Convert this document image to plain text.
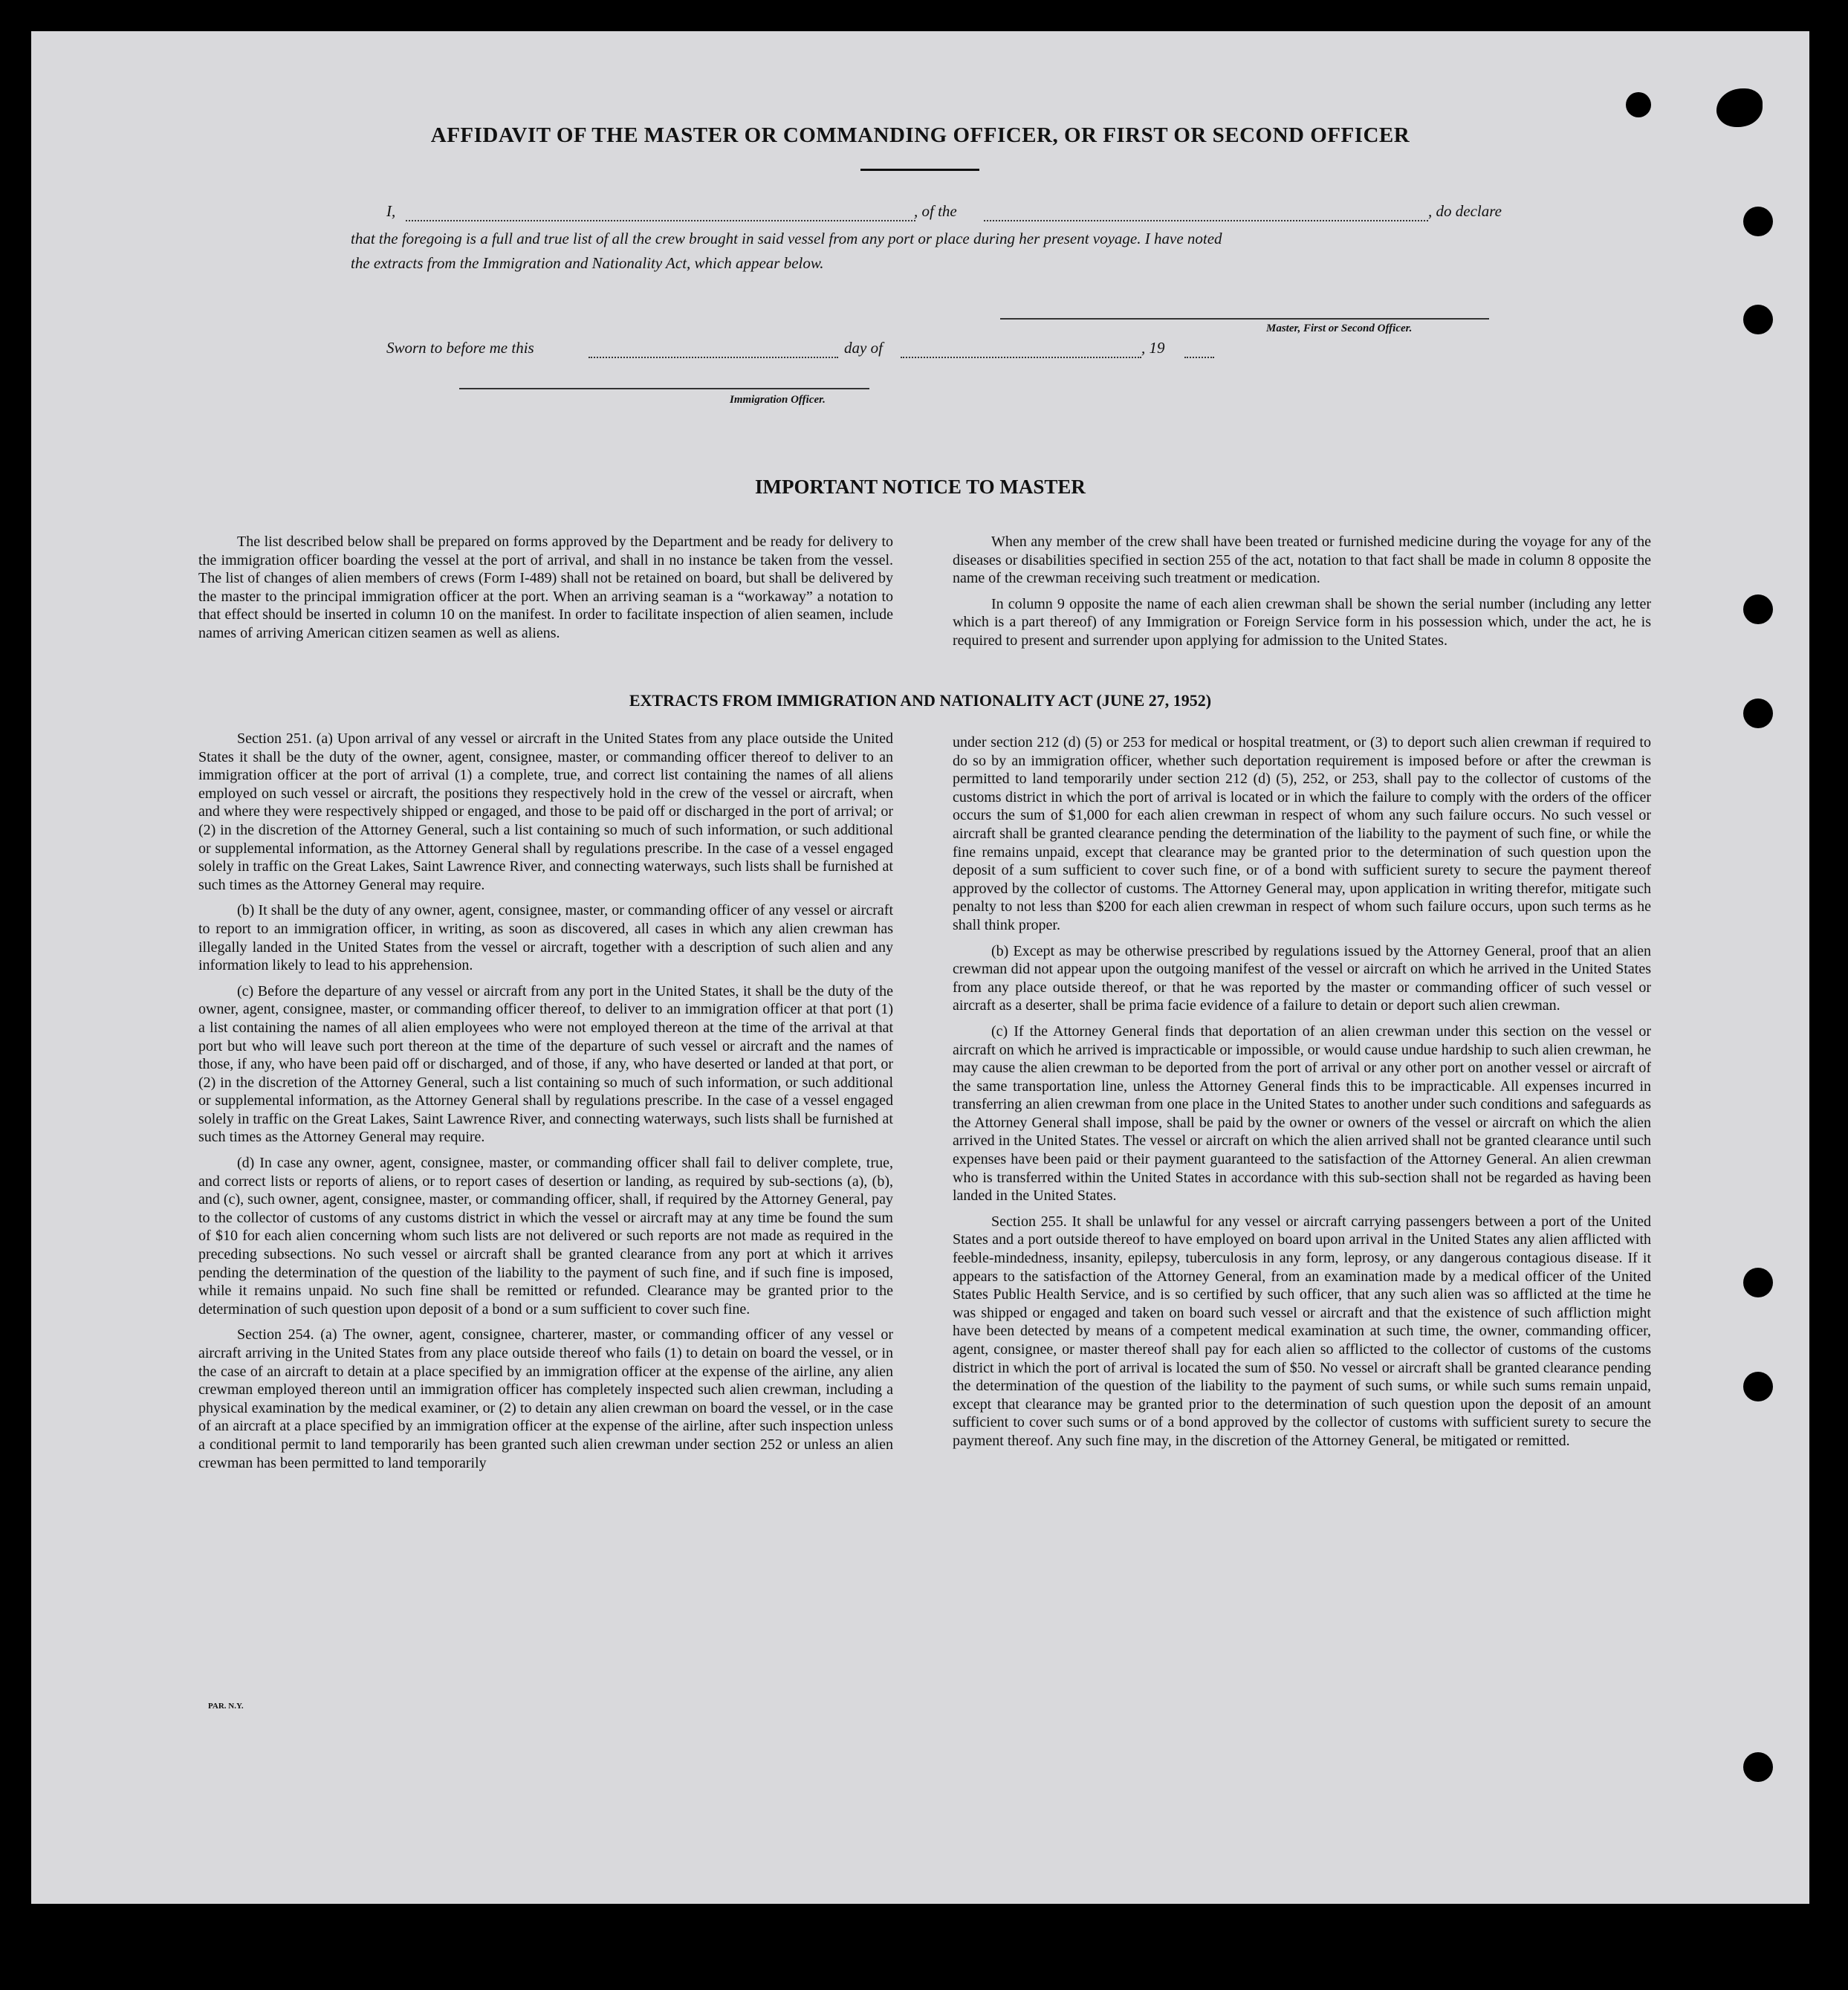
AFFIDAVIT OF THE MASTER OR COMMANDING OFFICER, OR FIRST OR SECOND OFFICER
I,	, of the	, do declare
that the foregoing is a full and true list of all the crew brought in said vessel from any port or place during her present voyage. I have noted
the extracts from the Immigration and Nationality Act, which appear below.
Master, First or Second Officer.
Sworn to before me this	day of	, 19
Immigration Officer.
IMPORTANT NOTICE TO MASTER

The list described below shall be prepared on forms approved by the Department and be ready for delivery to the immigration officer boarding the vessel at the port of arrival, and shall in no instance be taken from the vessel. The list of changes of alien members of crews (Form I-489) shall not be retained on board, but shall be delivered by the master to the principal immigration officer at the port. When an arriving seaman is a “workaway” a notation to that effect should be inserted in column 10 on the manifest. In order to facilitate inspection of alien seamen, include names of arriving American citizen seamen as well as aliens.

When any member of the crew shall have been treated or furnished medicine during the voyage for any of the diseases or disabilities specified in section 255 of the act, notation to that fact shall be made in column 8 opposite the name of the crewman receiving such treatment or medication.

In column 9 opposite the name of each alien crewman shall be shown the serial number (including any letter which is a part thereof) of any Immigration or Foreign Service form in his possession which, under the act, he is required to present and surrender upon applying for admission to the United States.

EXTRACTS FROM IMMIGRATION AND NATIONALITY ACT (JUNE 27, 1952)

Section 251. (a) Upon arrival of any vessel or aircraft in the United States from any place outside the United States it shall be the duty of the owner, agent, consignee, master, or commanding officer thereof to deliver to an immigration officer at the port of arrival (1) a complete, true, and correct list containing the names of all aliens employed on such vessel or aircraft, the positions they respectively hold in the crew of the vessel or aircraft, when and where they were respectively shipped or engaged, and those to be paid off or discharged in the port of arrival; or (2) in the discretion of the Attorney General, such a list containing so much of such information, or such additional or supplemental information, as the Attorney General shall by regulations prescribe. In the case of a vessel engaged solely in traffic on the Great Lakes, Saint Lawrence River, and connecting waterways, such lists shall be furnished at such times as the Attorney General may require.

(b) It shall be the duty of any owner, agent, consignee, master, or commanding officer of any vessel or aircraft to report to an immigration officer, in writing, as soon as discovered, all cases in which any alien crewman has illegally landed in the United States from the vessel or aircraft, together with a description of such alien and any information likely to lead to his apprehension.

(c) Before the departure of any vessel or aircraft from any port in the United States, it shall be the duty of the owner, agent, consignee, master, or commanding officer thereof, to deliver to an immigration officer at that port (1) a list containing the names of all alien employees who were not employed thereon at the time of the arrival at that port but who will leave such port thereon at the time of the departure of such vessel or aircraft and the names of those, if any, who have been paid off or discharged, and of those, if any, who have deserted or landed at that port, or (2) in the discretion of the Attorney General, such a list containing so much of such information, or such additional or supplemental information, as the Attorney General shall by regulations prescribe. In the case of a vessel engaged solely in traffic on the Great Lakes, Saint Lawrence River, and connecting waterways, such lists shall be furnished at such times as the Attorney General may require.

(d) In case any owner, agent, consignee, master, or commanding officer shall fail to deliver complete, true, and correct lists or reports of aliens, or to report cases of desertion or landing, as required by sub-sections (a), (b), and (c), such owner, agent, consignee, master, or commanding officer, shall, if required by the Attorney General, pay to the collector of customs of any customs district in which the vessel or aircraft may at any time be found the sum of $10 for each alien concerning whom such lists are not delivered or such reports are not made as required in the preceding subsections. No such vessel or aircraft shall be granted clearance from any port at which it arrives pending the determination of the question of the liability to the payment of such fine, and if such fine is imposed, while it remains unpaid. No such fine shall be remitted or refunded. Clearance may be granted prior to the determination of such question upon deposit of a bond or a sum sufficient to cover such fine.

Section 254. (a) The owner, agent, consignee, charterer, master, or commanding officer of any vessel or aircraft arriving in the United States from any place outside thereof who fails (1) to detain on board the vessel, or in the case of an aircraft to detain at a place specified by an immigration officer at the expense of the airline, any alien crewman employed thereon until an immigration officer has completely inspected such alien crewman, including a physical examination by the medical examiner, or (2) to detain any alien crewman on board the vessel, or in the case of an aircraft at a place specified by an immigration officer at the expense of the airline, after such inspection unless a conditional permit to land temporarily has been granted such alien crewman under section 252 or unless an alien crewman has been permitted to land temporarily

under section 212 (d) (5) or 253 for medical or hospital treatment, or (3) to deport such alien crewman if required to do so by an immigration officer, whether such deportation requirement is imposed before or after the crewman is permitted to land temporarily under section 212 (d) (5), 252, or 253, shall pay to the collector of customs of the customs district in which the port of arrival is located or in which the failure to comply with the orders of the officer occurs the sum of $1,000 for each alien crewman in respect of whom any such failure occurs. No such vessel or aircraft shall be granted clearance pending the determination of the liability to the payment of such fine, or while the fine remains unpaid, except that clearance may be granted prior to the determination of such question upon the deposit of a sum sufficient to cover such fine, or of a bond with sufficient surety to secure the payment thereof approved by the collector of customs. The Attorney General may, upon application in writing therefor, mitigate such penalty to not less than $200 for each alien crewman in respect of whom such failure occurs, upon such terms as he shall think proper.

(b) Except as may be otherwise prescribed by regulations issued by the Attorney General, proof that an alien crewman did not appear upon the outgoing manifest of the vessel or aircraft on which he arrived in the United States from any place outside thereof, or that he was reported by the master or commanding officer of such vessel or aircraft as a deserter, shall be prima facie evidence of a failure to detain or deport such alien crewman.

(c) If the Attorney General finds that deportation of an alien crewman under this section on the vessel or aircraft on which he arrived is impracticable or impossible, or would cause undue hardship to such alien crewman, he may cause the alien crewman to be deported from the port of arrival or any other port on another vessel or aircraft of the same transportation line, unless the Attorney General finds this to be impracticable. All expenses incurred in transferring an alien crewman from one place in the United States to another under such conditions and safeguards as the Attorney General shall impose, shall be paid by the owner or owners of the vessel or aircraft on which the alien arrived in the United States. The vessel or aircraft on which the alien arrived shall not be granted clearance until such expenses have been paid or their payment guaranteed to the satisfaction of the Attorney General. An alien crewman who is transferred within the United States in accordance with this sub-section shall not be regarded as having been landed in the United States.

Section 255. It shall be unlawful for any vessel or aircraft carrying passengers between a port of the United States and a port outside thereof to have employed on board upon arrival in the United States any alien afflicted with feeble-mindedness, insanity, epilepsy, tuberculosis in any form, leprosy, or any dangerous contagious disease. If it appears to the satisfaction of the Attorney General, from an examination made by a medical officer of the United States Public Health Service, and is so certified by such officer, that any such alien was so afflicted at the time he was shipped or engaged and taken on board such vessel or aircraft and that the existence of such affliction might have been detected by means of a competent medical examination at such time, the owner, commanding officer, agent, consignee, or master thereof shall pay for each alien so afflicted to the collector of customs of the customs district in which the port of arrival is located the sum of $50. No vessel or aircraft shall be granted clearance pending the determination of the question of the liability to the payment of such sums, or while such sums remain unpaid, except that clearance may be granted prior to the determination of such question upon the deposit of an amount sufficient to cover such sums or of a bond approved by the collector of customs with sufficient surety to secure the payment thereof. Any such fine may, in the discretion of the Attorney General, be mitigated or remitted.

PAR. N.Y.
